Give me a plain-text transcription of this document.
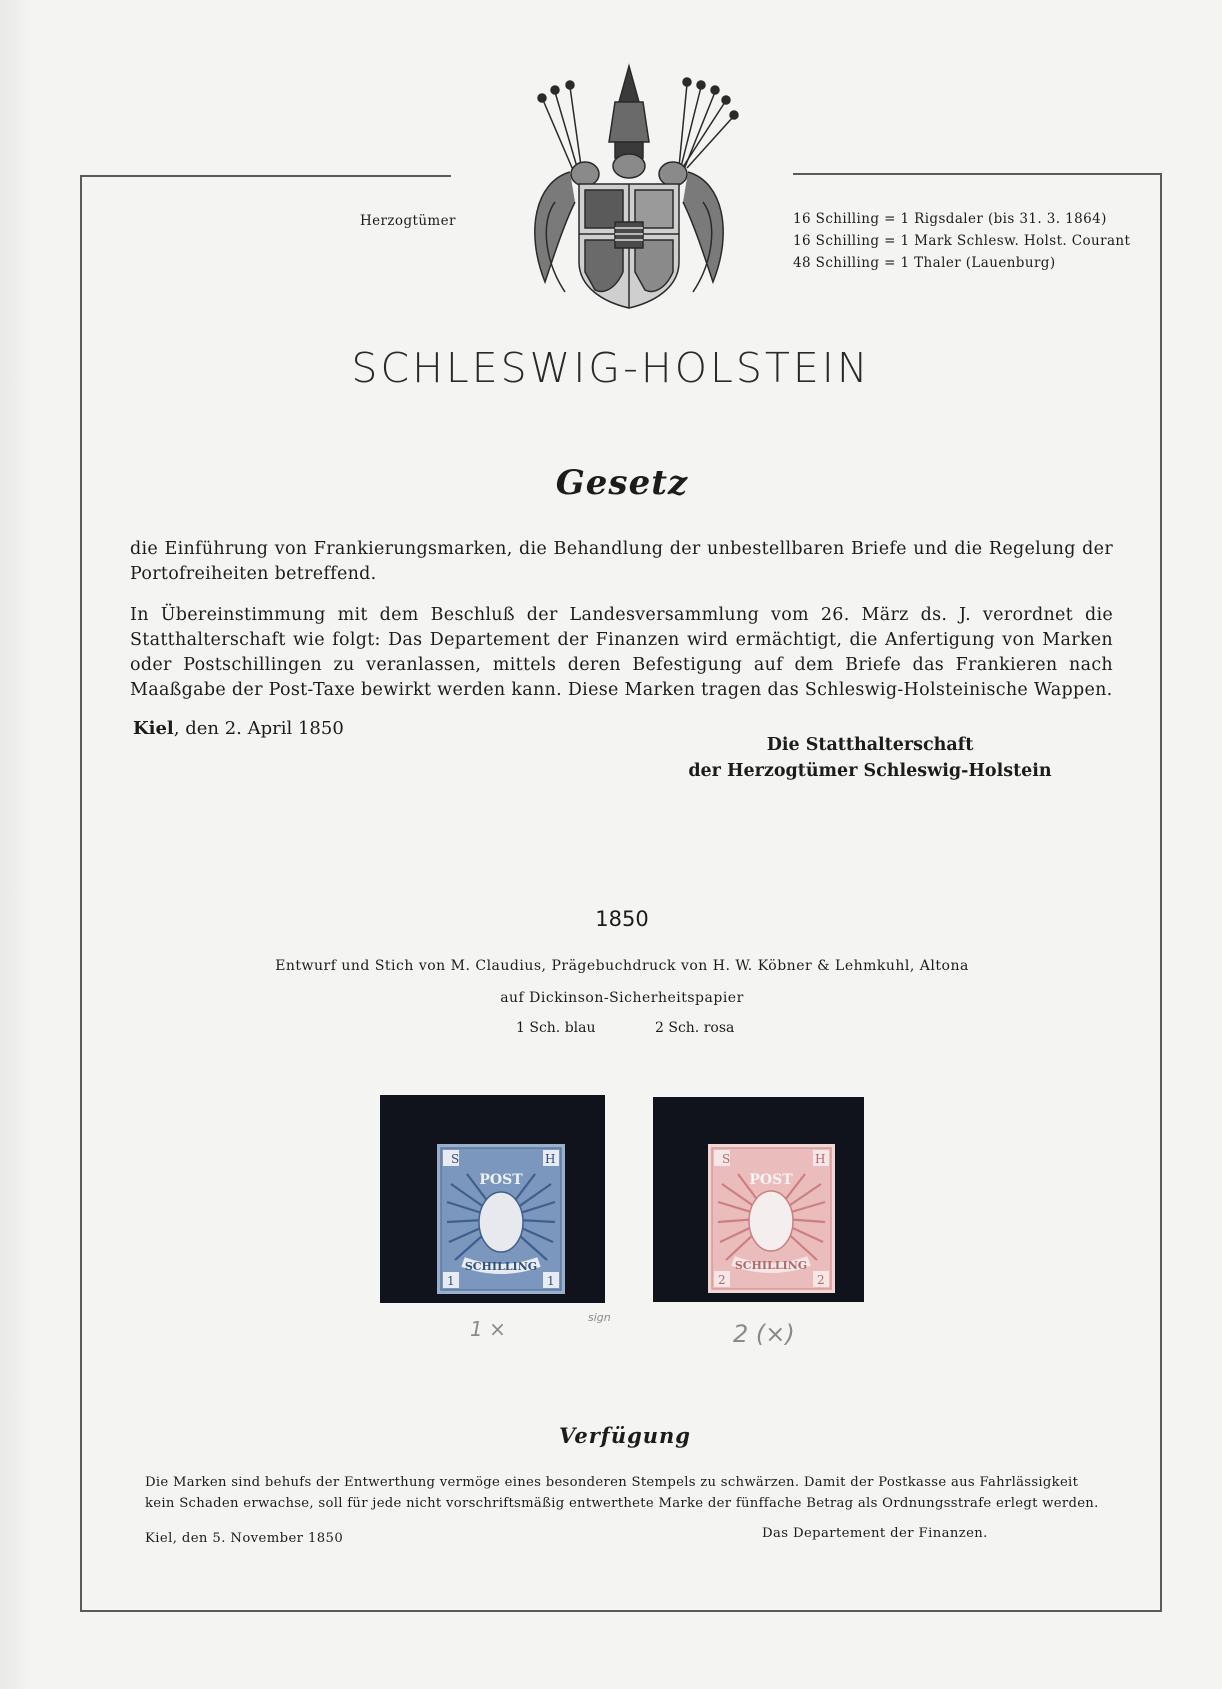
Herzogtümer	16 Schilling = 1 Rigsdaler (bis 31. 3. 1864)
16 Schilling = 1 Mark Schlesw. Holst. Courant
48 Schilling = 1 Thaler (Lauenburg)
SCHLESWIG-HOLSTEIN
Gesetz
die Einführung von Frankierungsmarken, die Behandlung der unbestellbaren Briefe und die Regelung der Portofreiheiten betreffend.
In Übereinstimmung mit dem Beschluß der Landesversammlung vom 26. März ds. J. verordnet die Statthalterschaft wie folgt: Das Departement der Finanzen wird ermächtigt, die Anfertigung von Marken oder Postschillingen zu veranlassen, mittels deren Befestigung auf dem Briefe das Frankieren nach Maaßgabe der Post-Taxe bewirkt werden kann. Diese Marken tragen das Schleswig-Holsteinische Wappen.
Kiel, den 2. April 1850
Die Statthalterschaft
der Herzogtümer Schleswig-Holstein
1850
Entwurf und Stich von M. Claudius, Prägebuchdruck von H. W. Köbner & Lehmkuhl, Altona
auf Dickinson-Sicherheitspapier
1 Sch. blau	2 Sch. rosa
S	H
1	1
POST
SCHILLING
S	H
2	2
POST
SCHILLING
1 ×	sign
2 (×)
Verfügung
Die Marken sind behufs der Entwerthung vermöge eines besonderen Stempels zu schwärzen. Damit der Postkasse aus Fahrlässigkeit kein Schaden erwachse, soll für jede nicht vorschriftsmäßig entwerthete Marke der fünffache Betrag als Ordnungsstrafe erlegt werden.
Kiel, den 5. November 1850	Das Departement der Finanzen.
